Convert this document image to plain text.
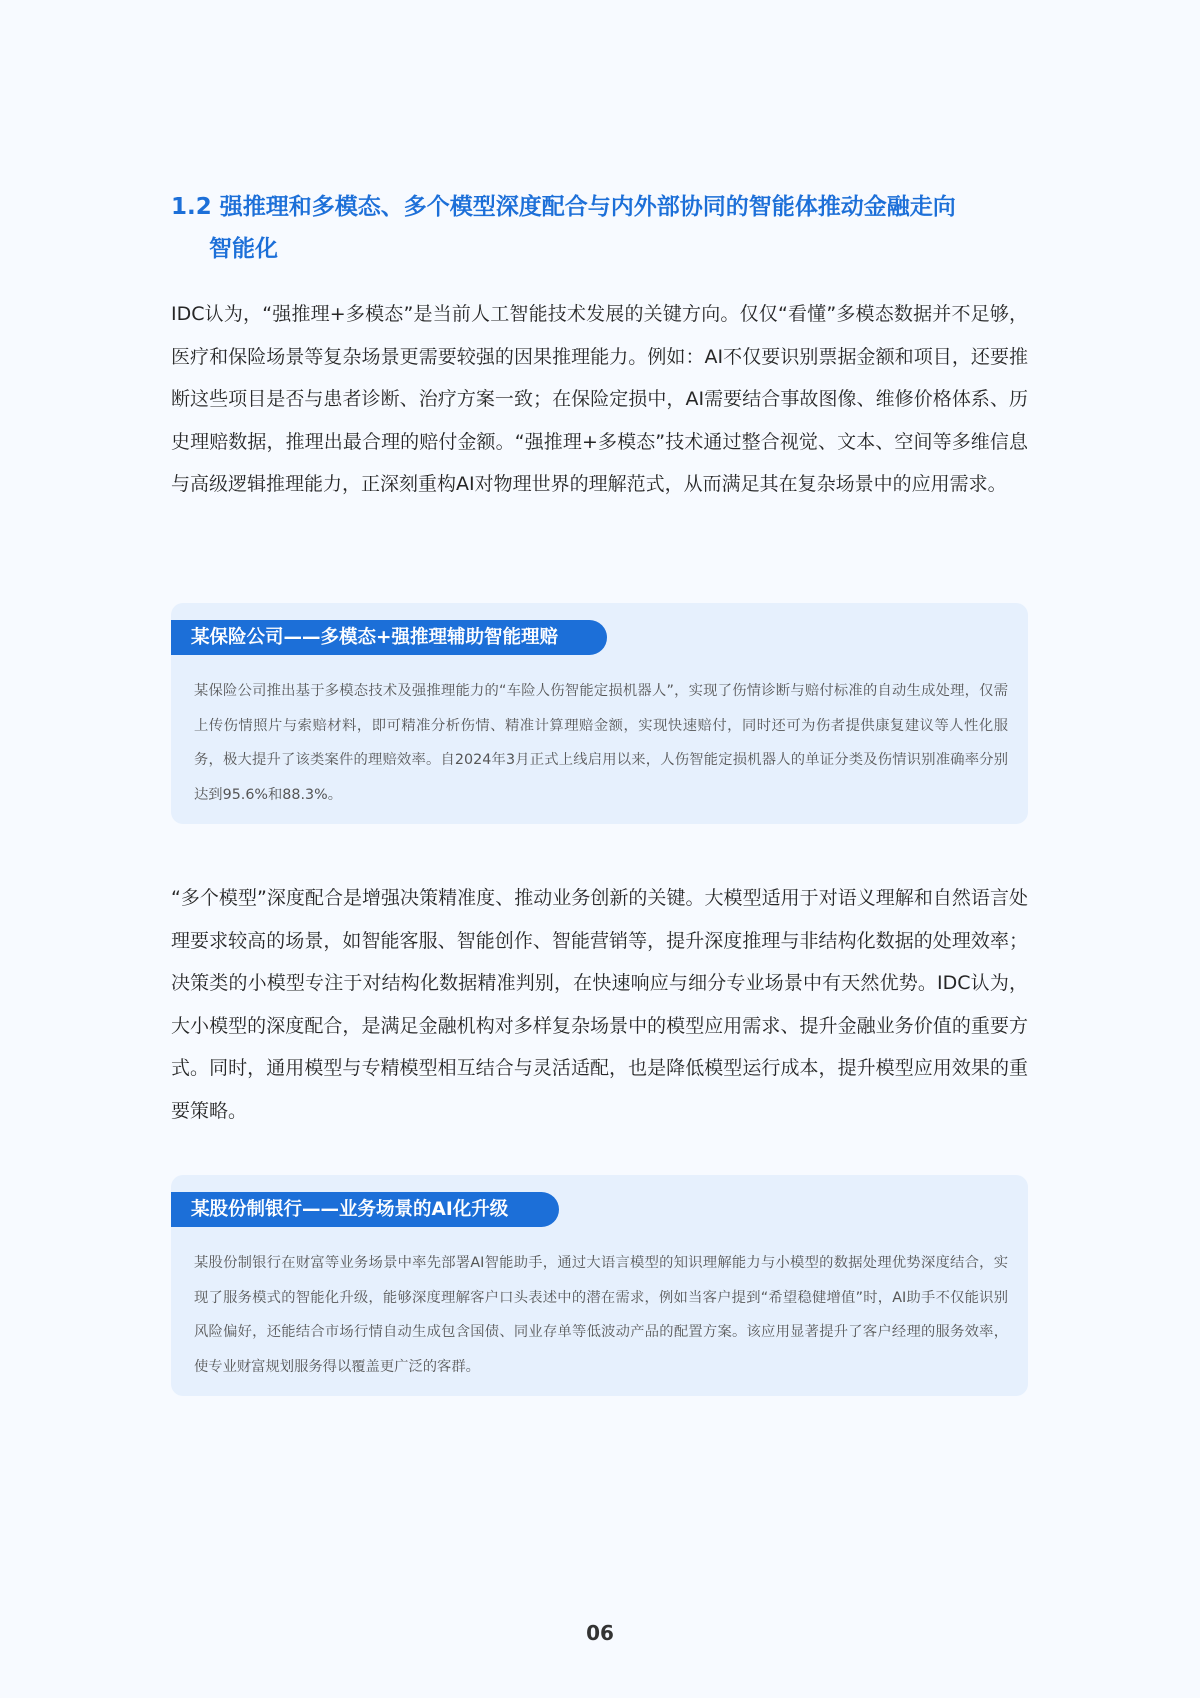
1.2 强推理和多模态、多个模型深度配合与内外部协同的智能体推动金融走向
智能化

IDC认为，“强推理+多模态”是当前人工智能技术发展的关键方向。仅仅“看懂”多模态数据并不足够，医疗和保险场景等复杂场景更需要较强的因果推理能力。例如：AI不仅要识别票据金额和项目，还要推断这些项目是否与患者诊断、治疗方案一致；在保险定损中，AI需要结合事故图像、维修价格体系、历史理赔数据，推理出最合理的赔付金额。“强推理+多模态”技术通过整合视觉、文本、空间等多维信息与高级逻辑推理能力，正深刻重构AI对物理世界的理解范式，从而满足其在复杂场景中的应用需求。

某保险公司——多模态+强推理辅助智能理赔

某保险公司推出基于多模态技术及强推理能力的“车险人伤智能定损机器人”，实现了伤情诊断与赔付标准的自动生成处理，仅需上传伤情照片与索赔材料，即可精准分析伤情、精准计算理赔金额，实现快速赔付，同时还可为伤者提供康复建议等人性化服务，极大提升了该类案件的理赔效率。自2024年3月正式上线启用以来，人伤智能定损机器人的单证分类及伤情识别准确率分别达到95.6%和88.3%。

“多个模型”深度配合是增强决策精准度、推动业务创新的关键。大模型适用于对语义理解和自然语言处理要求较高的场景，如智能客服、智能创作、智能营销等，提升深度推理与非结构化数据的处理效率；决策类的小模型专注于对结构化数据精准判别，在快速响应与细分专业场景中有天然优势。IDC认为，大小模型的深度配合，是满足金融机构对多样复杂场景中的模型应用需求、提升金融业务价值的重要方式。同时，通用模型与专精模型相互结合与灵活适配，也是降低模型运行成本，提升模型应用效果的重要策略。

某股份制银行——业务场景的AI化升级

某股份制银行在财富等业务场景中率先部署AI智能助手，通过大语言模型的知识理解能力与小模型的数据处理优势深度结合，实现了服务模式的智能化升级，能够深度理解客户口头表述中的潜在需求，例如当客户提到“希望稳健增值”时，AI助手不仅能识别风险偏好，还能结合市场行情自动生成包含国债、同业存单等低波动产品的配置方案。该应用显著提升了客户经理的服务效率，使专业财富规划服务得以覆盖更广泛的客群。

06
